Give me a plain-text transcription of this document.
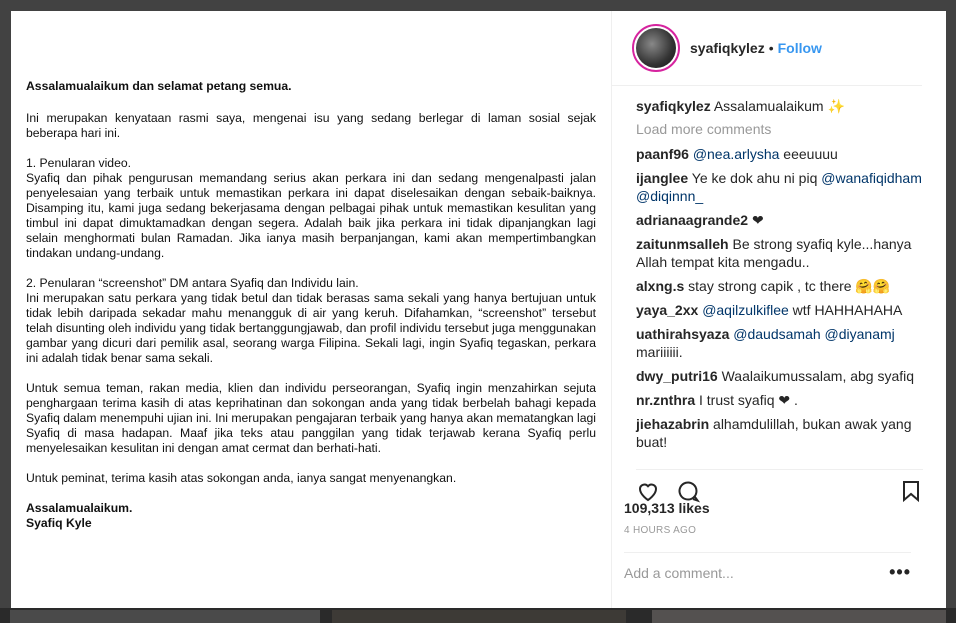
Assalamualaikum dan selamat petang semua.

Ini merupakan kenyataan rasmi saya, mengenai isu yang sedang berlegar di laman sosial sejak beberapa hari ini.

1. Penularan video.
Syafiq dan pihak pengurusan memandang serius akan perkara ini dan sedang mengenalpasti jalan penyelesaian yang terbaik untuk memastikan perkara ini dapat diselesaikan dengan sebaik-baiknya. Disamping itu, kami juga sedang bekerjasama dengan pelbagai pihak untuk memastikan kesulitan yang timbul ini dapat dimuktamadkan dengan segera. Adalah baik jika perkara ini tidak dipanjangkan lagi selain menghormati bulan Ramadan. Jika ianya masih berpanjangan, kami akan mempertimbangkan tindakan undang-undang.

2. Penularan “screenshot” DM antara Syafiq dan Individu lain.
Ini merupakan satu perkara yang tidak betul dan tidak berasas sama sekali yang hanya bertujuan untuk tidak lebih daripada sekadar mahu menangguk di air yang keruh. Difahamkan, “screenshot” tersebut telah disunting oleh individu yang tidak bertanggungjawab, dan profil individu tersebut juga menggunakan gambar yang dicuri dari pemilik asal, seorang warga Filipina. Sekali lagi, ingin Syafiq tegaskan, perkara ini adalah tidak benar sama sekali.

Untuk semua teman, rakan media, klien dan individu perseorangan, Syafiq ingin menzahirkan sejuta penghargaan terima kasih di atas keprihatinan dan sokongan anda yang tidak berbelah bahagi kepada Syafiq dalam menempuhi ujian ini. Ini merupakan pengajaran terbaik yang hanya akan mematangkan lagi Syafiq di masa hadapan. Maaf jika teks atau panggilan yang tidak terjawab kerana Syafiq perlu menyelesaikan kesulitan ini dengan amat cermat dan berhati-hati.

Untuk peminat, terima kasih atas sokongan anda, ianya sangat menyenangkan.

Assalamualaikum.
Syafiq Kyle
syafiqkylez • Follow
syafiqkylez Assalamualaikum ✨
Load more comments
paanf96 @nea.arlysha eeeuuuu
ijanglee Ye ke dok ahu ni piq @wanafiqidham @diqinnn_
adrianaagrande2 ❤
zaitunmsalleh Be strong syafiq kyle...hanya Allah tempat kita mengadu..
alxng.s stay strong capik , tc there 🤗🤗
yaya_2xx @aqilzulkiflee wtf HAHHAHAHA
uathirahsyaza @daudsamah @diyanamj mariiiiii.
dwy_putri16 Waalaikumussalam, abg syafiq
nr.znthra I trust syafiq ❤ .
jiehazabrin alhamdulillah, bukan awak yang buat!
109,313 likes
4 HOURS AGO
Add a comment...
•••
